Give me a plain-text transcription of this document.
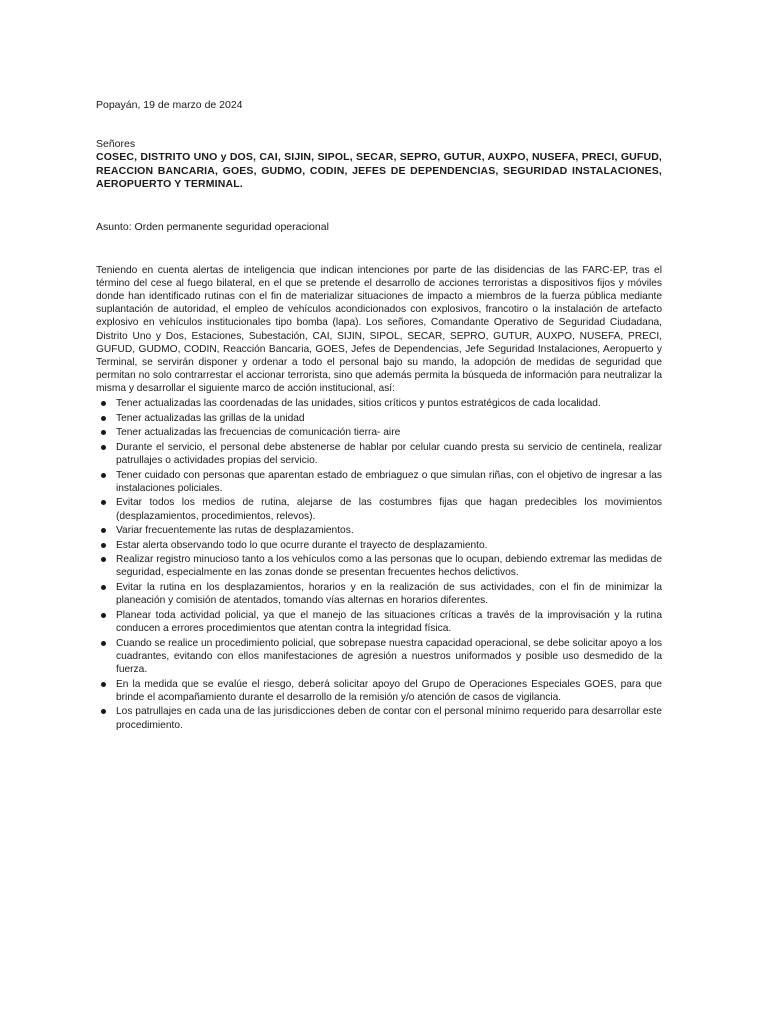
Popayán, 19 de marzo de 2024

Señores

COSEC, DISTRITO UNO y DOS, CAI, SIJIN, SIPOL, SECAR, SEPRO, GUTUR, AUXPO, NUSEFA, PRECI, GUFUD, REACCION BANCARIA, GOES, GUDMO, CODIN, JEFES DE DEPENDENCIAS, SEGURIDAD INSTALACIONES, AEROPUERTO Y TERMINAL.

Asunto: Orden permanente seguridad operacional

Teniendo en cuenta alertas de inteligencia que indican intenciones por parte de las disidencias de las FARC-EP, tras el término del cese al fuego bilateral, en el que se pretende el desarrollo de acciones terroristas a dispositivos fijos y móviles donde han identificado rutinas con el fin de materializar situaciones de impacto a miembros de la fuerza pública mediante suplantación de autoridad, el empleo de vehículos acondicionados con explosivos, francotiro o la instalación de artefacto explosivo en vehículos institucionales tipo bomba (lapa). Los señores, Comandante Operativo de Seguridad Ciudadana, Distrito Uno y Dos, Estaciones, Subestación, CAI, SIJIN, SIPOL, SECAR, SEPRO, GUTUR, AUXPO, NUSEFA, PRECI, GUFUD, GUDMO, CODIN, Reacción Bancaria, GOES, Jefes de Dependencias, Jefe Seguridad Instalaciones, Aeropuerto y Terminal, se servirán disponer y ordenar a todo el personal bajo su mando, la adopción de medidas de seguridad que permitan no solo contrarrestar el accionar terrorista, sino que además permita la búsqueda de información para neutralizar la misma y desarrollar el siguiente marco de acción institucional, así:

Tener actualizadas las coordenadas de las unidades, sitios críticos y puntos estratégicos de cada localidad.
Tener actualizadas las grillas de la unidad
Tener actualizadas las frecuencias de comunicación tierra- aire
Durante el servicio, el personal debe abstenerse de hablar por celular cuando presta su servicio de centinela, realizar patrullajes o actividades propias del servicio.
Tener cuidado con personas que aparentan estado de embriaguez o que simulan riñas, con el objetivo de ingresar a las instalaciones policiales.
Evitar todos los medios de rutina, alejarse de las costumbres fijas que hagan predecibles los movimientos (desplazamientos, procedimientos, relevos).
Variar frecuentemente las rutas de desplazamientos.
Estar alerta observando todo lo que ocurre durante el trayecto de desplazamiento.
Realizar registro minucioso tanto a los vehículos como a las personas que lo ocupan, debiendo extremar las medidas de seguridad, especialmente en las zonas donde se presentan frecuentes hechos delictivos.
Evitar la rutina en los desplazamientos, horarios y en la realización de sus actividades, con el fin de minimizar la planeación y comisión de atentados, tomando vías alternas en horarios diferentes.
Planear toda actividad policial, ya que el manejo de las situaciones críticas a través de la improvisación y la rutina conducen a errores procedimientos que atentan contra la integridad física.
Cuando se realice un procedimiento policial, que sobrepase nuestra capacidad operacional, se debe solicitar apoyo a los cuadrantes, evitando con ellos manifestaciones de agresión a nuestros uniformados y posible uso desmedido de la fuerza.
En la medida que se evalúe el riesgo, deberá solicitar apoyo del Grupo de Operaciones Especiales GOES, para que brinde el acompañamiento durante el desarrollo de la remisión y/o atención de casos de vigilancia.
Los patrullajes en cada una de las jurisdicciones deben de contar con el personal mínimo requerido para desarrollar este procedimiento.
